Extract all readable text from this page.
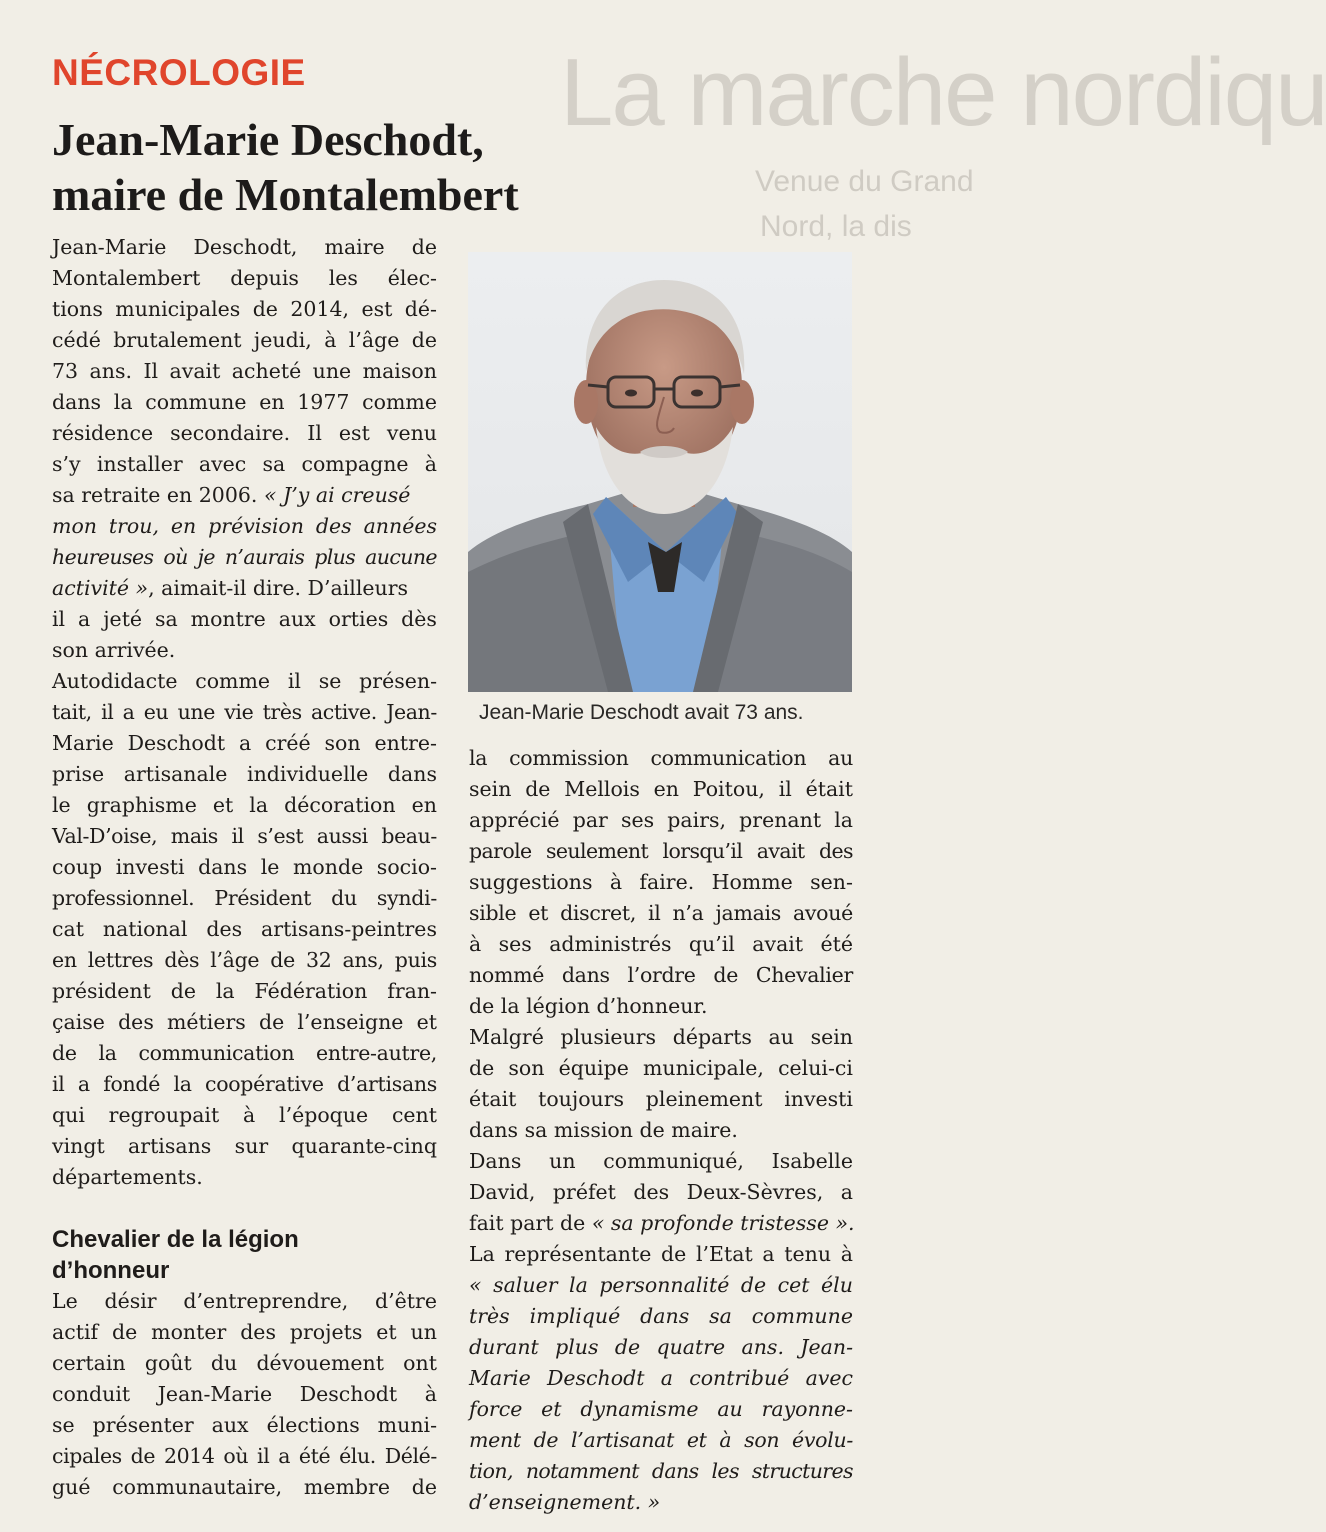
La marche nordiqu
Venue du Grand
Nord, la dis
NÉCROLOGIE
Jean-Marie Deschodt,
maire de Montalembert
Jean-Marie Deschodt, maire de
Montalembert depuis les élec-
tions municipales de 2014, est dé-
cédé brutalement jeudi, à l’âge de
73 ans. Il avait acheté une maison
dans la commune en 1977 comme
résidence secondaire. Il est venu
s’y installer avec sa compagne à
sa retraite en 2006. « J’y ai creusé
mon trou, en prévision des années
heureuses où je n’aurais plus aucune
activité », aimait-il dire. D’ailleurs
il a jeté sa montre aux orties dès
son arrivée.
Autodidacte comme il se présen-
tait, il a eu une vie très active. Jean-
Marie Deschodt a créé son entre-
prise artisanale individuelle dans
le graphisme et la décoration en
Val-D’oise, mais il s’est aussi beau-
coup investi dans le monde socio-
professionnel. Président du syndi-
cat national des artisans-peintres
en lettres dès l’âge de 32 ans, puis
président de la Fédération fran-
çaise des métiers de l’enseigne et
de la communication entre-autre,
il a fondé la coopérative d’artisans
qui regroupait à l’époque cent
vingt artisans sur quarante-cinq
départements.
Chevalier de la légion
d’honneur
Le désir d’entreprendre, d’être
actif de monter des projets et un
certain goût du dévouement ont
conduit Jean-Marie Deschodt à
se présenter aux élections muni-
cipales de 2014 où il a été élu. Délé-
gué communautaire, membre de
Jean-Marie Deschodt avait 73 ans.
la commission communication au
sein de Mellois en Poitou, il était
apprécié par ses pairs, prenant la
parole seulement lorsqu’il avait des
suggestions à faire. Homme sen-
sible et discret, il n’a jamais avoué
à ses administrés qu’il avait été
nommé dans l’ordre de Chevalier
de la légion d’honneur.
Malgré plusieurs départs au sein
de son équipe municipale, celui-ci
était toujours pleinement investi
dans sa mission de maire.
Dans un communiqué, Isabelle
David, préfet des Deux-Sèvres, a
fait part de « sa profonde tristesse ».
La représentante de l’Etat a tenu à
« saluer la personnalité de cet élu
très impliqué dans sa commune
durant plus de quatre ans. Jean-
Marie Deschodt a contribué avec
force et dynamisme au rayonne-
ment de l’artisanat et à son évolu-
tion, notamment dans les structures
d’enseignement. »
